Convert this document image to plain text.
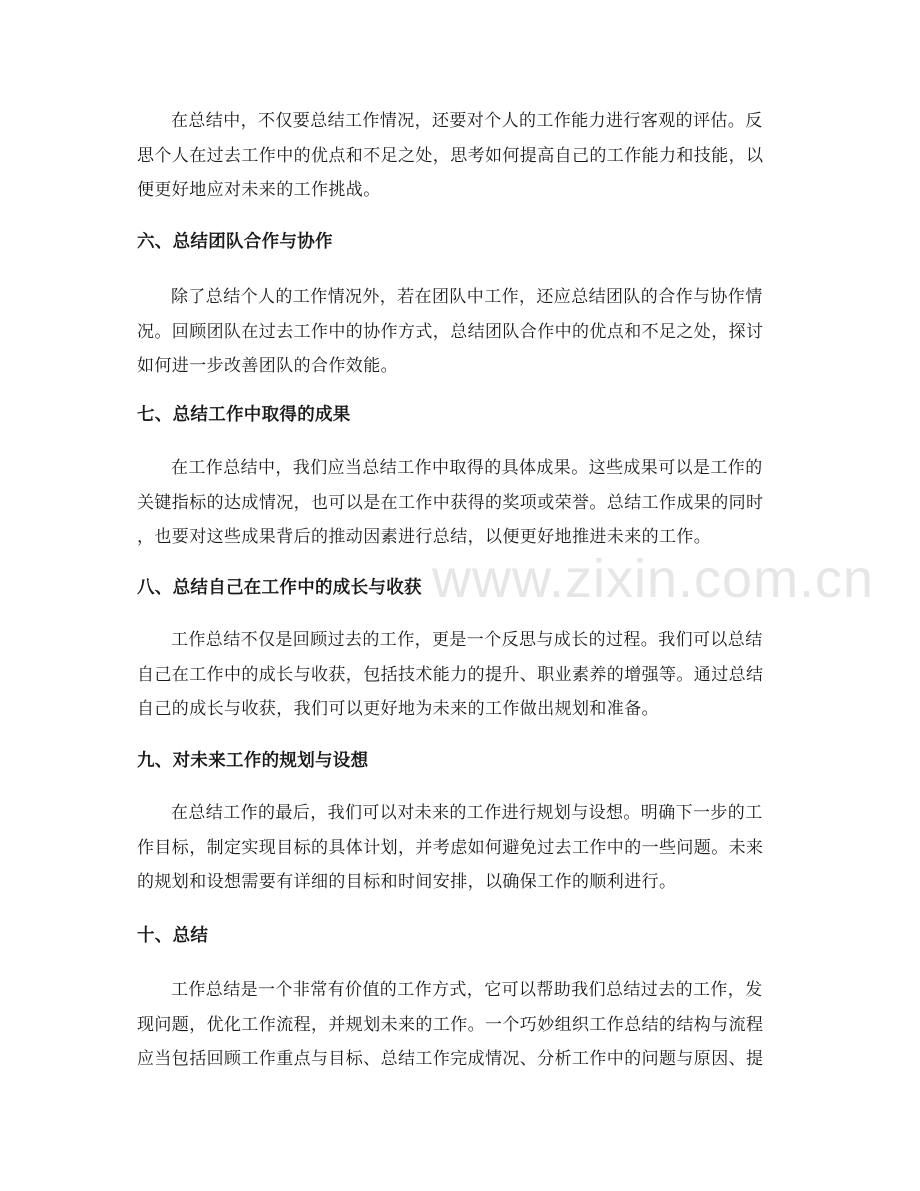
www.zixin.com.cn

在总结中，不仅要总结工作情况，还要对个人的工作能力进行客观的评估。反
思个人在过去工作中的优点和不足之处，思考如何提高自己的工作能力和技能，以
便更好地应对未来的工作挑战。

六、总结团队合作与协作

除了总结个人的工作情况外，若在团队中工作，还应总结团队的合作与协作情
况。回顾团队在过去工作中的协作方式，总结团队合作中的优点和不足之处，探讨
如何进一步改善团队的合作效能。

七、总结工作中取得的成果

在工作总结中，我们应当总结工作中取得的具体成果。这些成果可以是工作的
关键指标的达成情况，也可以是在工作中获得的奖项或荣誉。总结工作成果的同时
，也要对这些成果背后的推动因素进行总结，以便更好地推进未来的工作。

八、总结自己在工作中的成长与收获

工作总结不仅是回顾过去的工作，更是一个反思与成长的过程。我们可以总结
自己在工作中的成长与收获，包括技术能力的提升、职业素养的增强等。通过总结
自己的成长与收获，我们可以更好地为未来的工作做出规划和准备。

九、对未来工作的规划与设想

在总结工作的最后，我们可以对未来的工作进行规划与设想。明确下一步的工
作目标，制定实现目标的具体计划，并考虑如何避免过去工作中的一些问题。未来
的规划和设想需要有详细的目标和时间安排，以确保工作的顺利进行。

十、总结

工作总结是一个非常有价值的工作方式，它可以帮助我们总结过去的工作，发
现问题，优化工作流程，并规划未来的工作。一个巧妙组织工作总结的结构与流程
应当包括回顾工作重点与目标、总结工作完成情况、分析工作中的问题与原因、提
